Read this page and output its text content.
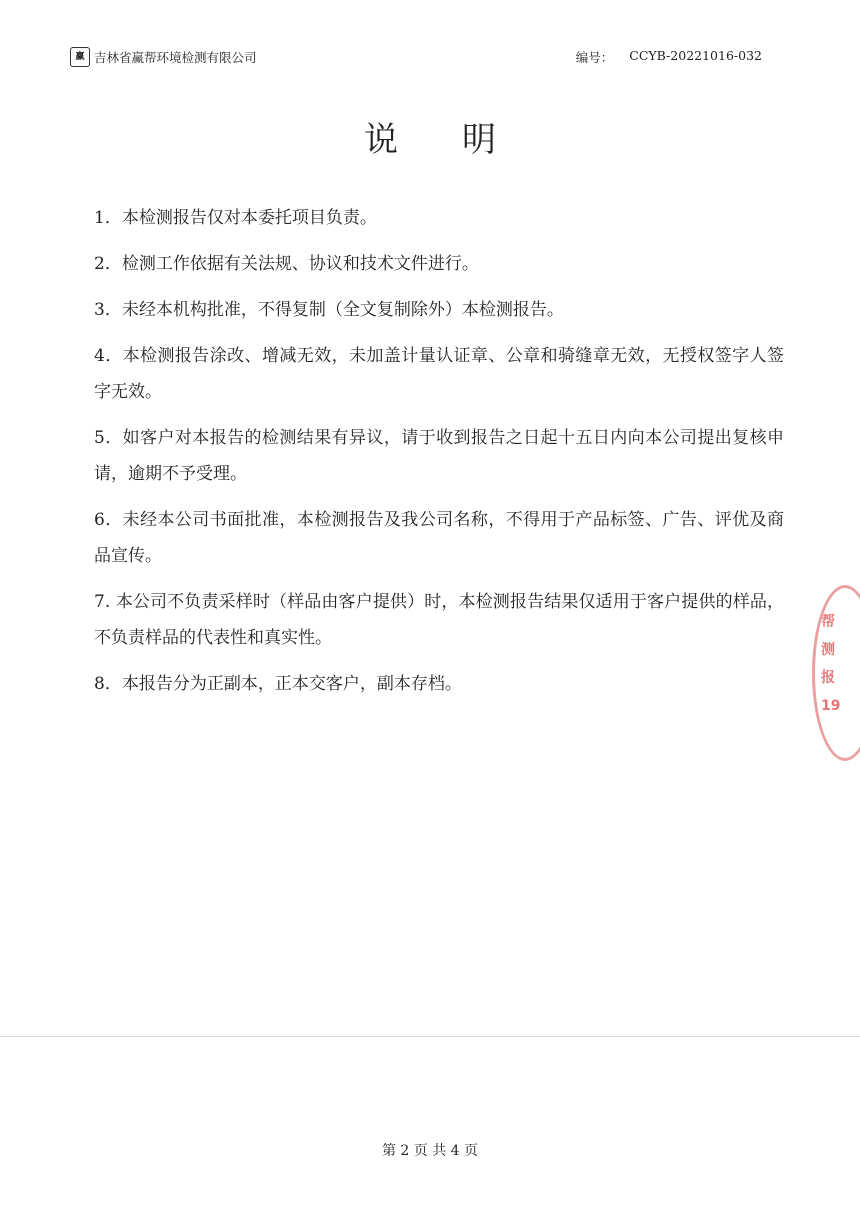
赢 吉林省赢帮环境检测有限公司	编号： CCYB-20221016-032
说 明
1．本检测报告仅对本委托项目负责。
2．检测工作依据有关法规、协议和技术文件进行。
3．未经本机构批准，不得复制（全文复制除外）本检测报告。
4．本检测报告涂改、增减无效，未加盖计量认证章、公章和骑缝章无效，无授权签字人签字无效。
5．如客户对本报告的检测结果有异议，请于收到报告之日起十五日内向本公司提出复核申请，逾期不予受理。
6．未经本公司书面批准，本检测报告及我公司名称，不得用于产品标签、广告、评优及商品宣传。
7. 本公司不负责采样时（样品由客户提供）时，本检测报告结果仅适用于客户提供的样品，不负责样品的代表性和真实性。
8．本报告分为正副本，正本交客户，副本存档。
帮 测 报 19
第 2 页 共 4 页
